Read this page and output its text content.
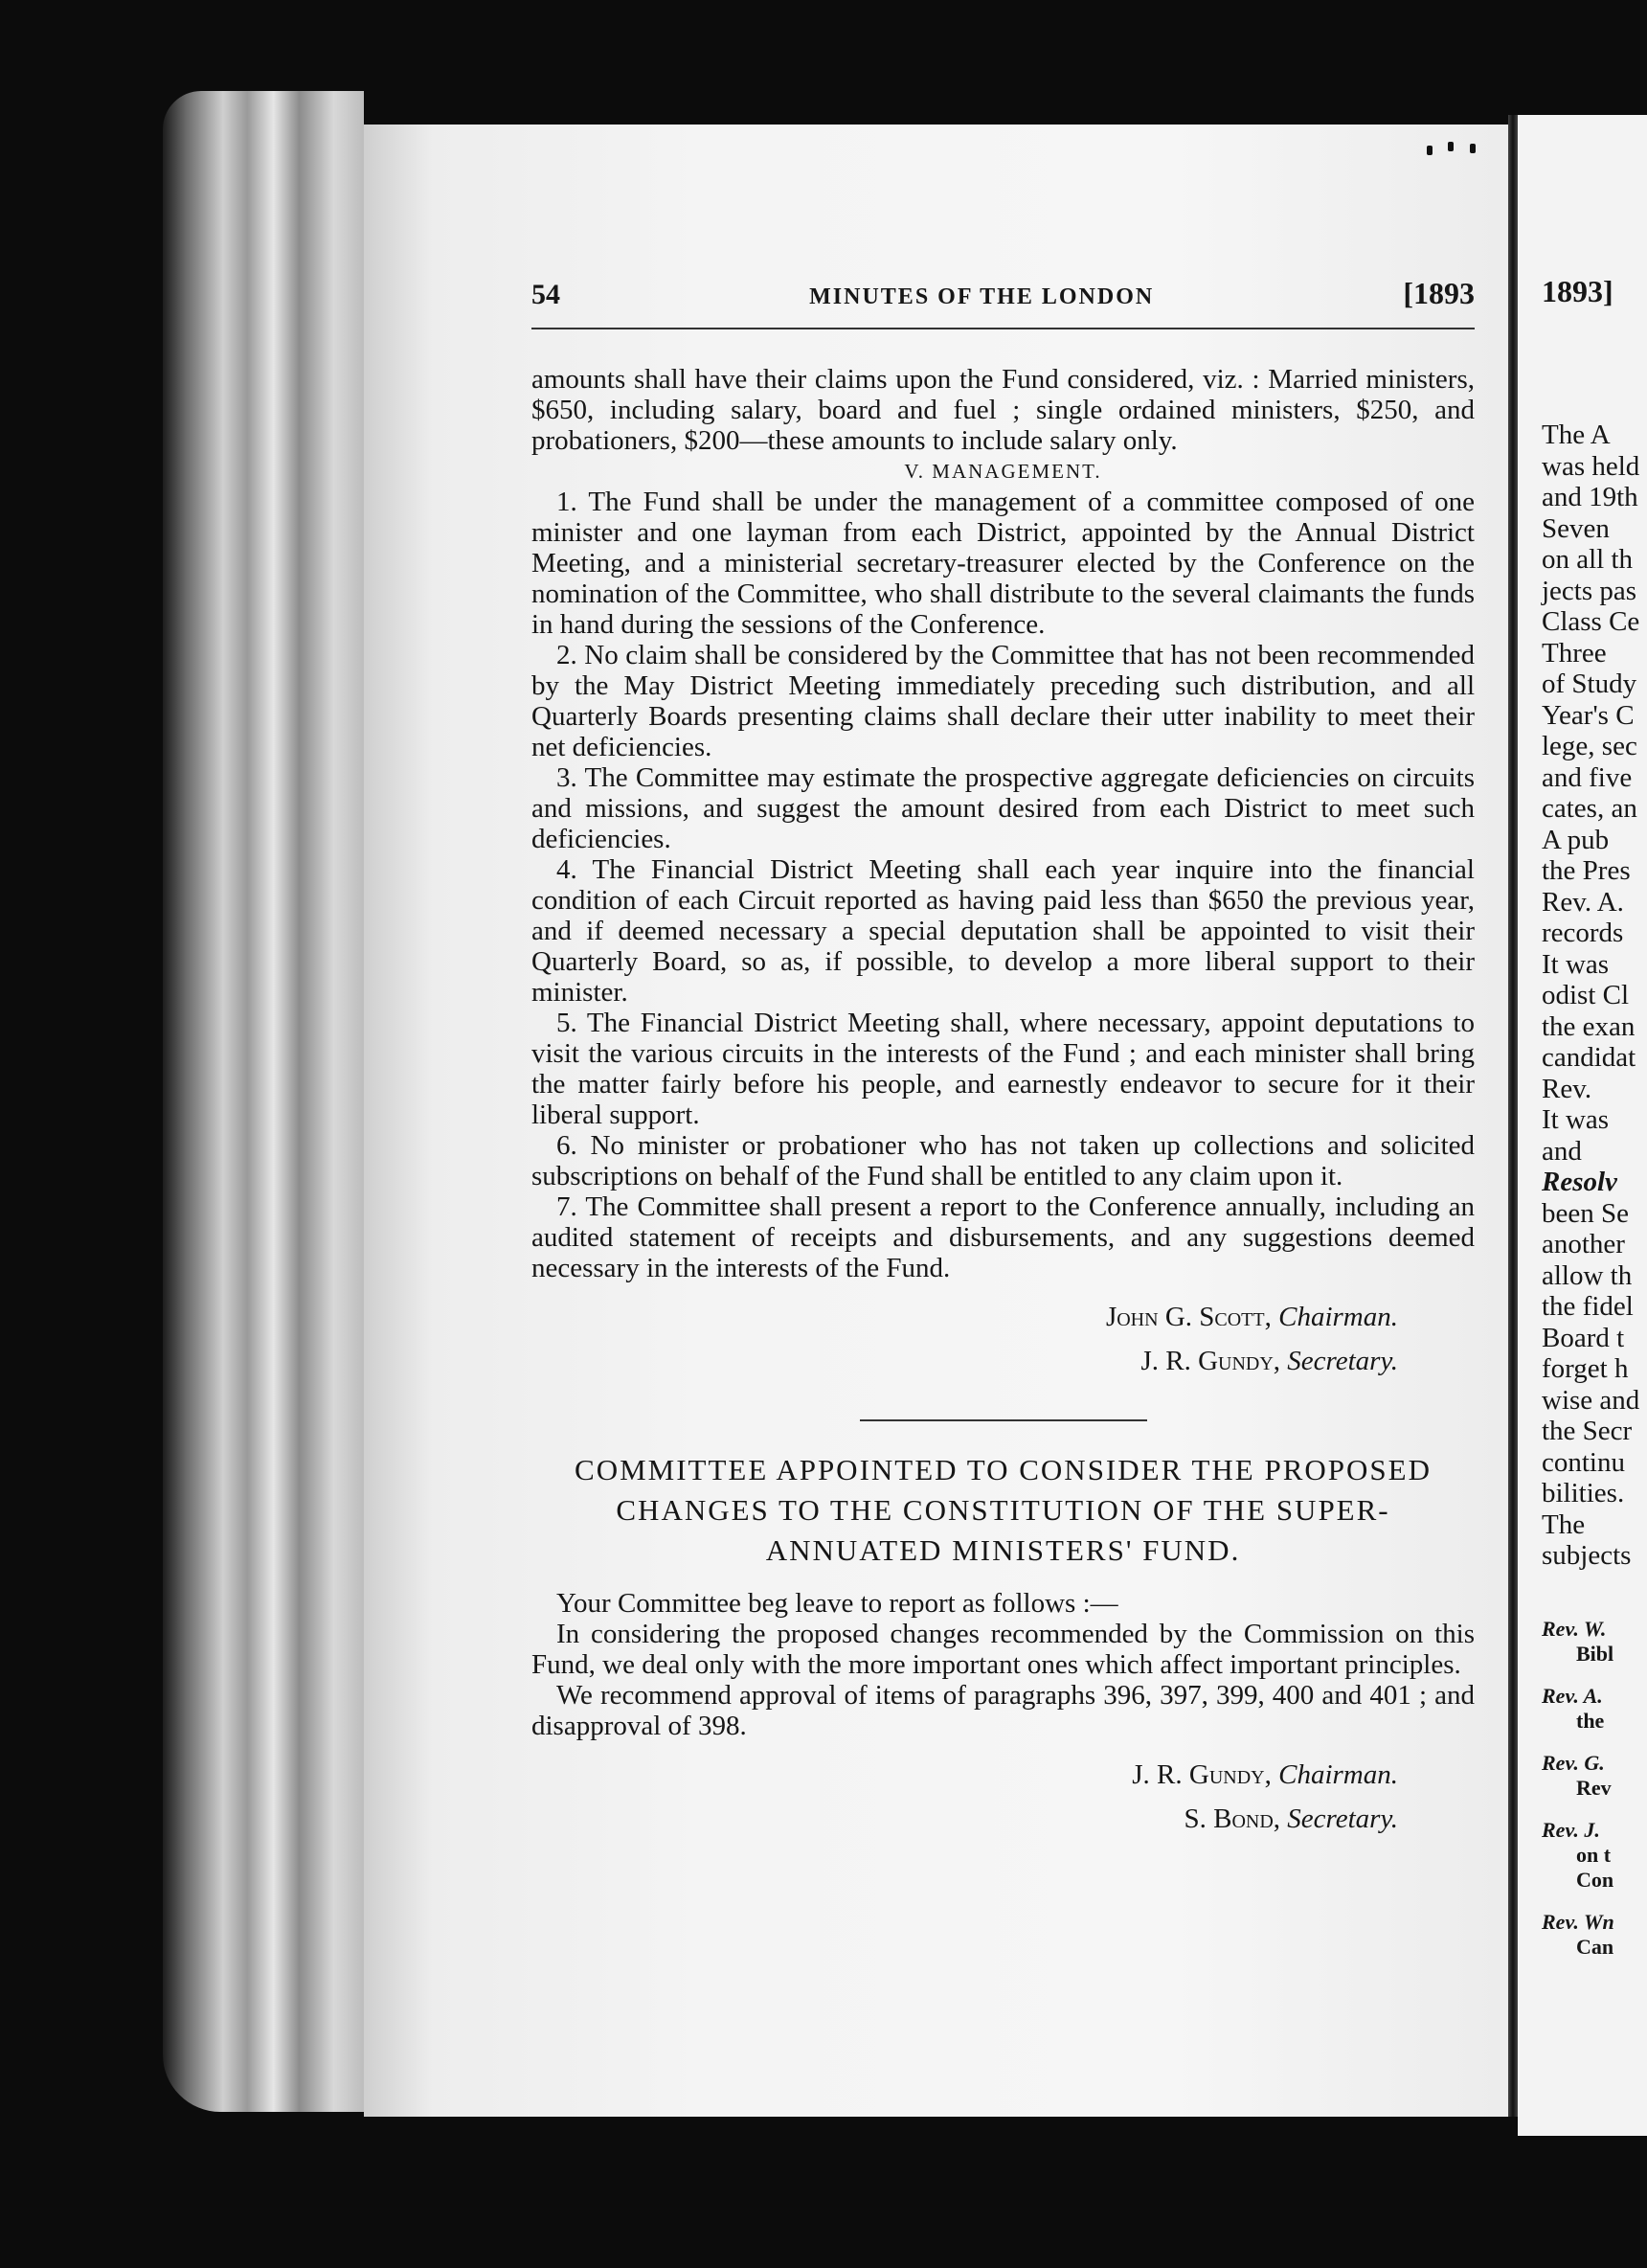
54	MINUTES OF THE LONDON	[1893

amounts shall have their claims upon the Fund considered, viz. : Married ministers, $650, including salary, board and fuel ; single ordained ministers, $250, and probationers, $200—these amounts to include salary only.

V. MANAGEMENT.

1. The Fund shall be under the management of a committee composed of one minister and one layman from each District, appointed by the Annual District Meeting, and a ministerial secretary-treasurer elected by the Conference on the nomination of the Committee, who shall distribute to the several claimants the funds in hand during the sessions of the Conference.

2. No claim shall be considered by the Committee that has not been recommended by the May District Meeting immediately preceding such distribution, and all Quarterly Boards presenting claims shall declare their utter inability to meet their net deficiencies.

3. The Committee may estimate the prospective aggregate deficiencies on circuits and missions, and suggest the amount desired from each District to meet such deficiencies.

4. The Financial District Meeting shall each year inquire into the financial condition of each Circuit reported as having paid less than $650 the previous year, and if deemed necessary a special deputation shall be appointed to visit their Quarterly Board, so as, if possible, to develop a more liberal support to their minister.

5. The Financial District Meeting shall, where necessary, appoint deputations to visit the various circuits in the interests of the Fund ; and each minister shall bring the matter fairly before his people, and earnestly endeavor to secure for it their liberal support.

6. No minister or probationer who has not taken up collections and solicited subscriptions on behalf of the Fund shall be entitled to any claim upon it.

7. The Committee shall present a report to the Conference annually, including an audited statement of receipts and disbursements, and any suggestions deemed necessary in the interests of the Fund.

John G. Scott, Chairman.
J. R. Gundy, Secretary.
COMMITTEE APPOINTED TO CONSIDER THE PROPOSED CHANGES TO THE CONSTITUTION OF THE SUPER-ANNUATED MINISTERS' FUND.

Your Committee beg leave to report as follows :—

In considering the proposed changes recommended by the Commission on this Fund, we deal only with the more important ones which affect important principles.

We recommend approval of items of paragraphs 396, 397, 399, 400 and 401 ; and disapproval of 398.

J. R. Gundy, Chairman.
S. Bond, Secretary.
1893]
The A
was held
and 19th
Seven
on all th
jects pas
Class Ce
Three
of Study
Year's C
lege, sec
and five
cates, an
A pub
the Pres
Rev. A.
records
It was
odist Cl
the exan
candidat
Rev.
It was
and
Resolv
been Se
another
allow th
the fidel
Board t
forget h
wise and
the Secr
continu
bilities.
The
subjects
Rev. W.
Bibl
Rev. A.
the
Rev. G.
Rev
Rev. J.
on t
Con
Rev. Wn
Can
